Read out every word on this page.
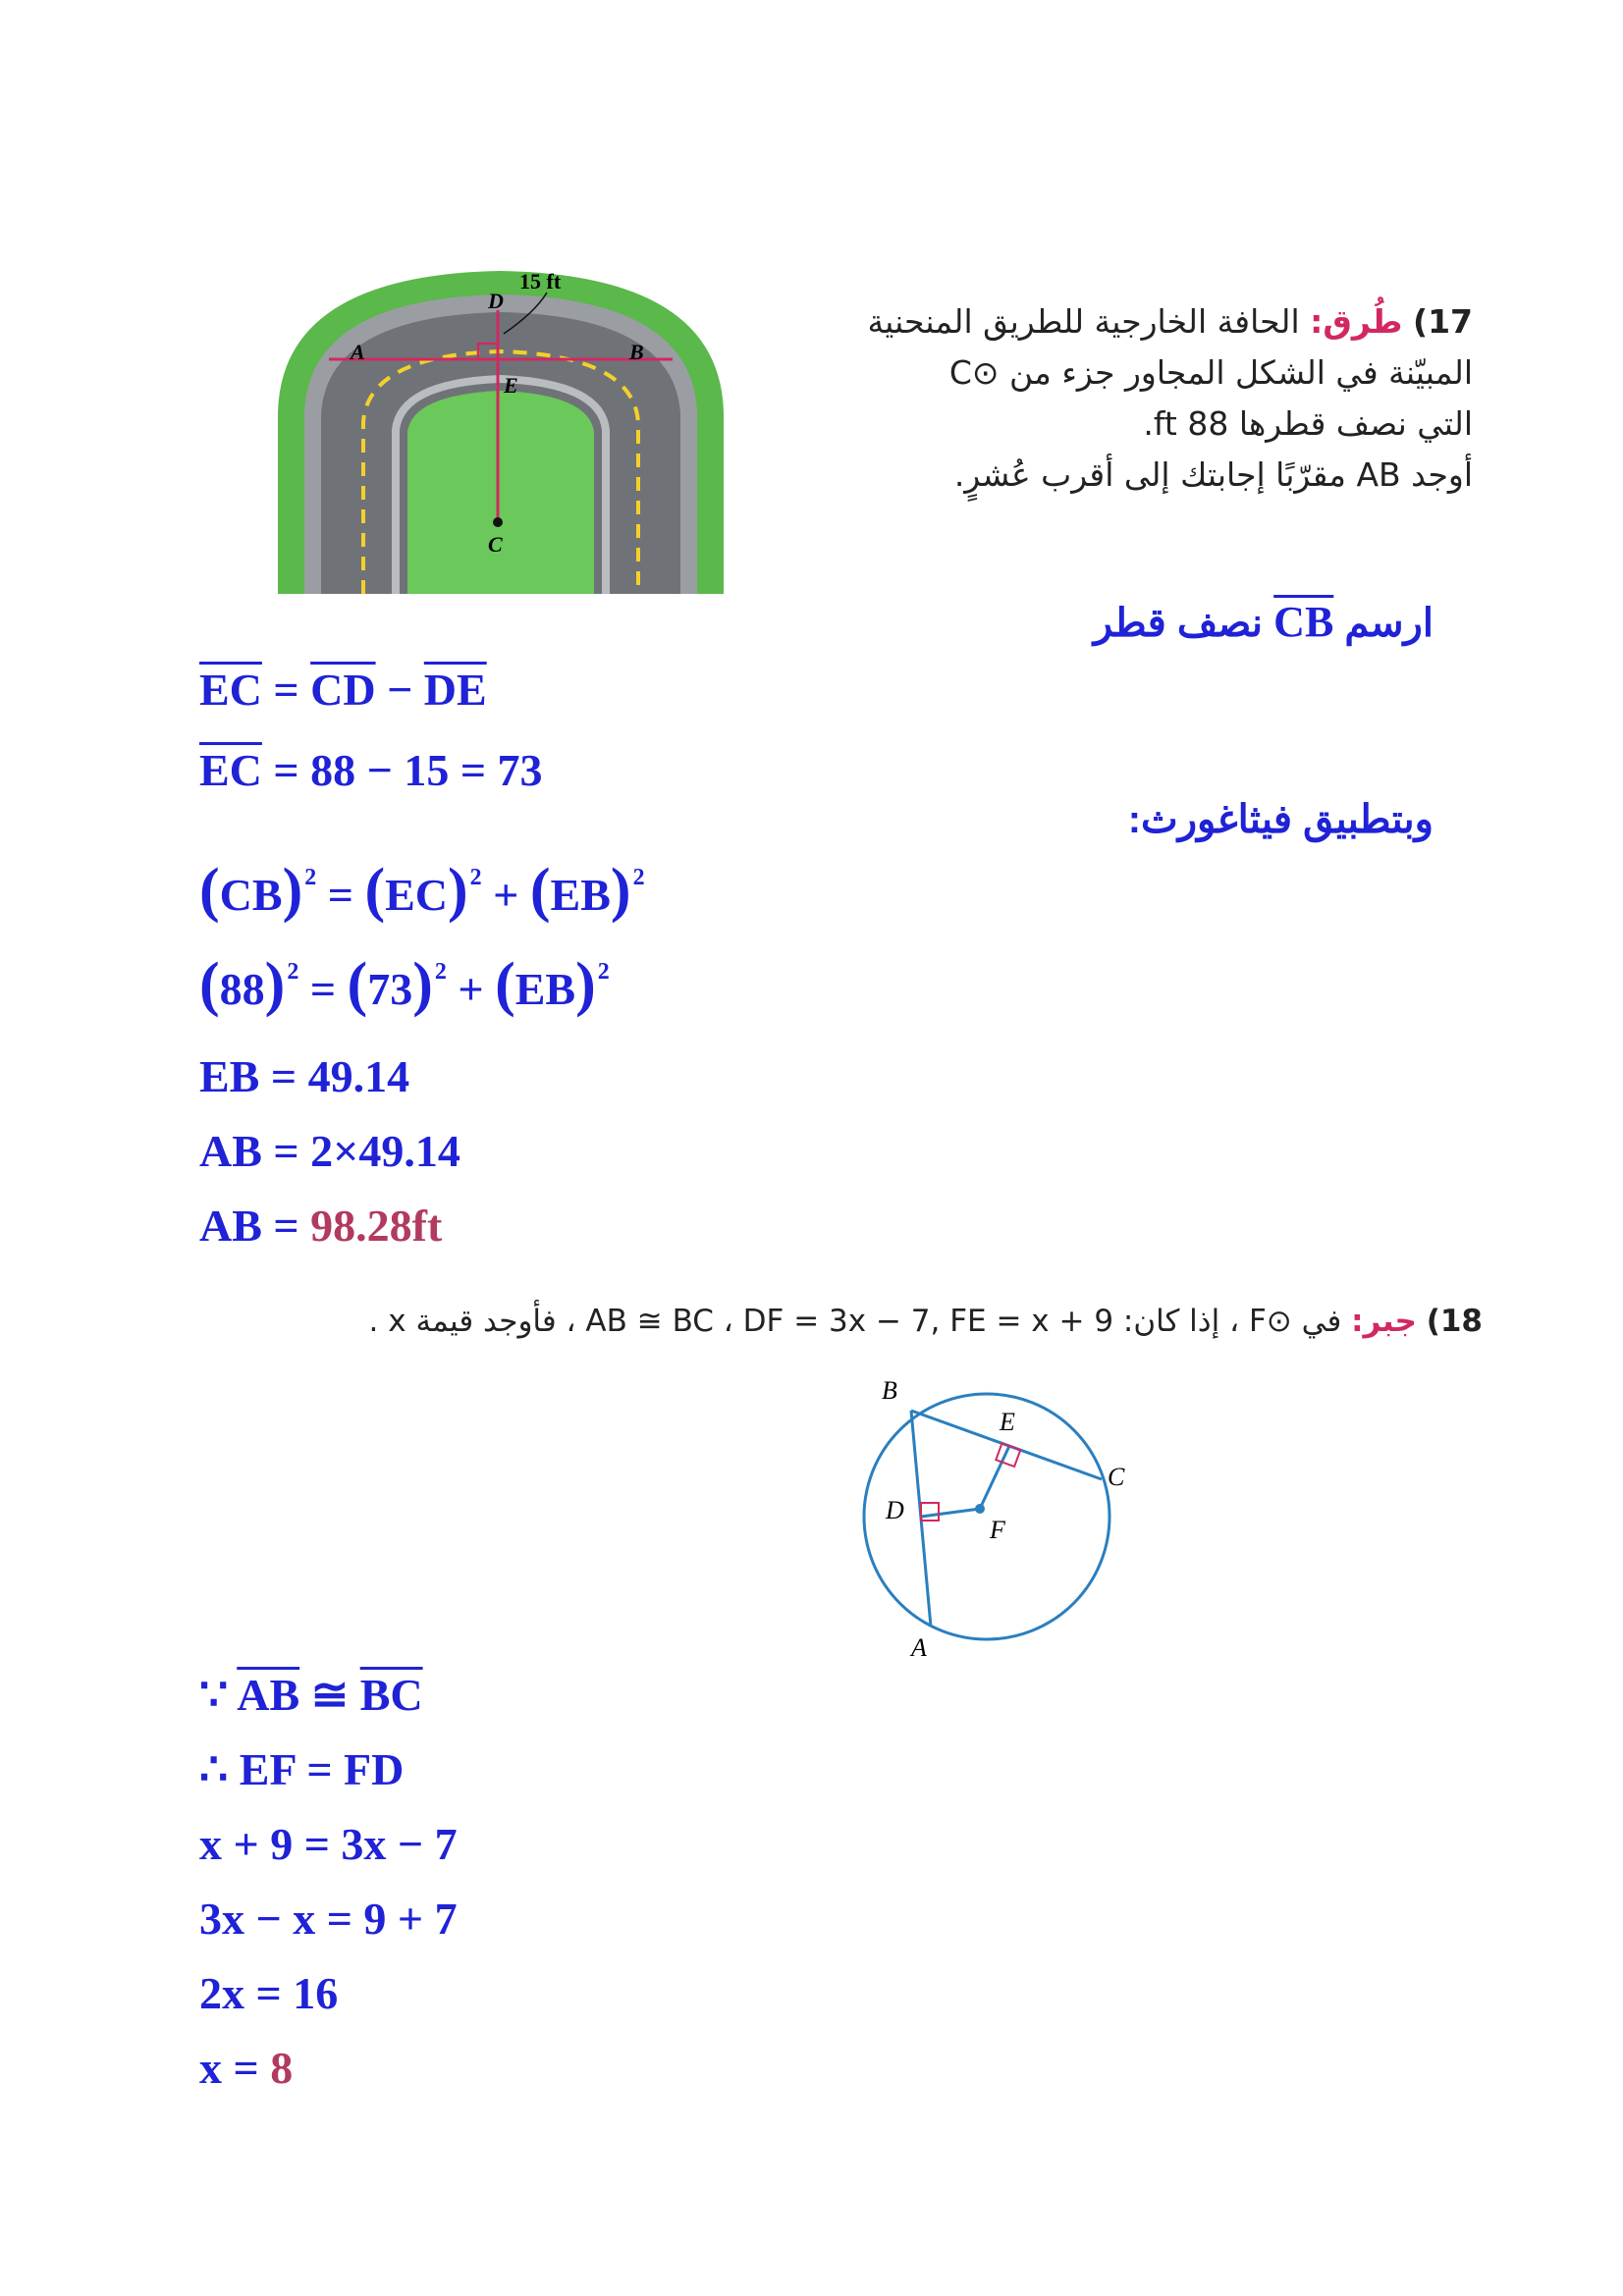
15 ft
D
A	B
E
C
17) طُرق: الحافة الخارجية للطريق المنحنية
المبيّنة في الشكل المجاور جزء من ⊙C
التي نصف قطرها 88 ft.
أوجد AB مقرّبًا إجابتك إلى أقرب عُشرٍ.
ارسم CB نصف قطر
$\overline{EC} = \overline{CD} - \overline{DE}$
$\overline{EC} = 88 - 15 = 73$
وبتطبيق فيثاغورث:
(CB)$^2$ = (EC)$^2$ + (EB)$^2$
$(88)^2 = (73)^2 + (EB)^2$
EB = 49.14
AB = 2×49.14
AB = 98.28ft
18) جبر: في ⊙F ، إذا كان: AB ≅ BC ، DF = 3x − 7, FE = x + 9 ، فأوجد قيمة x .
B
E
C
D
F
A
∵ $\overline{AB}$ ≅ $\overline{BC}$
∴ EF = FD
x + 9 = 3x − 7
3x − x = 9 + 7
2x = 16
x = 8
